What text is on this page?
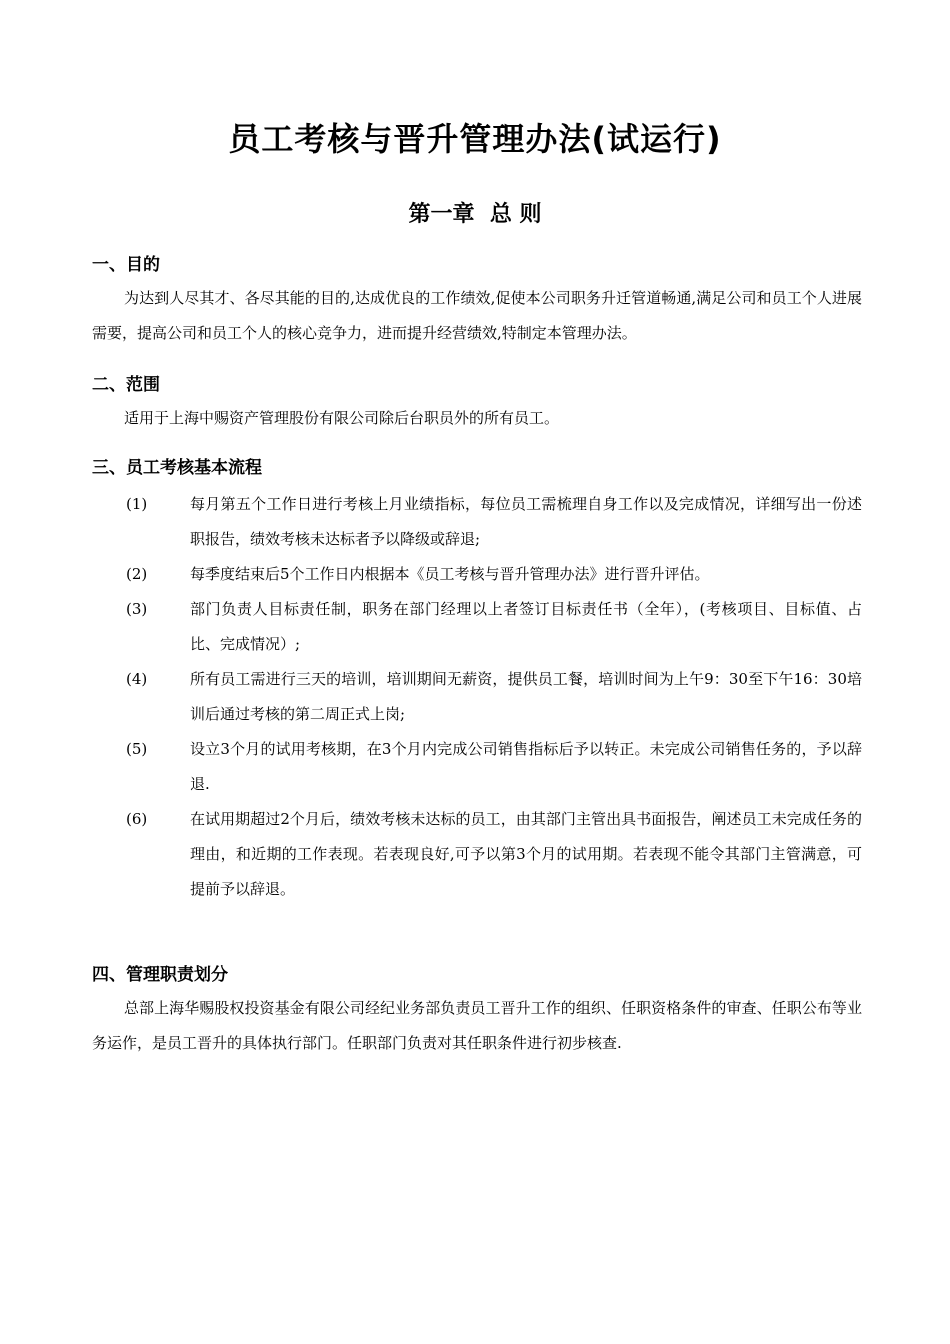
员工考核与晋升管理办法(试运行)
第一章  总 则
一、目的
为达到人尽其才、各尽其能的目的,达成优良的工作绩效,促使本公司职务升迁管道畅通,满足公司和员工个人进展需要，提高公司和员工个人的核心竞争力，进而提升经营绩效,特制定本管理办法。
二、范围
适用于上海中赐资产管理股份有限公司除后台职员外的所有员工。
三、员工考核基本流程
(1)	每月第五个工作日进行考核上月业绩指标，每位员工需梳理自身工作以及完成情况，详细写出一份述职报告，绩效考核未达标者予以降级或辞退;
(2)	每季度结束后5个工作日内根据本《员工考核与晋升管理办法》进行晋升评估。
(3)	部门负责人目标责任制，职务在部门经理以上者签订目标责任书（全年），(考核项目、目标值、占比、完成情况）;
(4)	所有员工需进行三天的培训，培训期间无薪资，提供员工餐，培训时间为上午9：30至下午16：30培训后通过考核的第二周正式上岗;
(5)	设立3个月的试用考核期，在3个月内完成公司销售指标后予以转正。未完成公司销售任务的，予以辞退.
(6)	在试用期超过2个月后，绩效考核未达标的员工，由其部门主管出具书面报告，阐述员工未完成任务的理由，和近期的工作表现。若表现良好,可予以第3个月的试用期。若表现不能令其部门主管满意，可提前予以辞退。
四、管理职责划分
总部上海华赐股权投资基金有限公司经纪业务部负责员工晋升工作的组织、任职资格条件的审查、任职公布等业务运作，是员工晋升的具体执行部门。任职部门负责对其任职条件进行初步核查.
